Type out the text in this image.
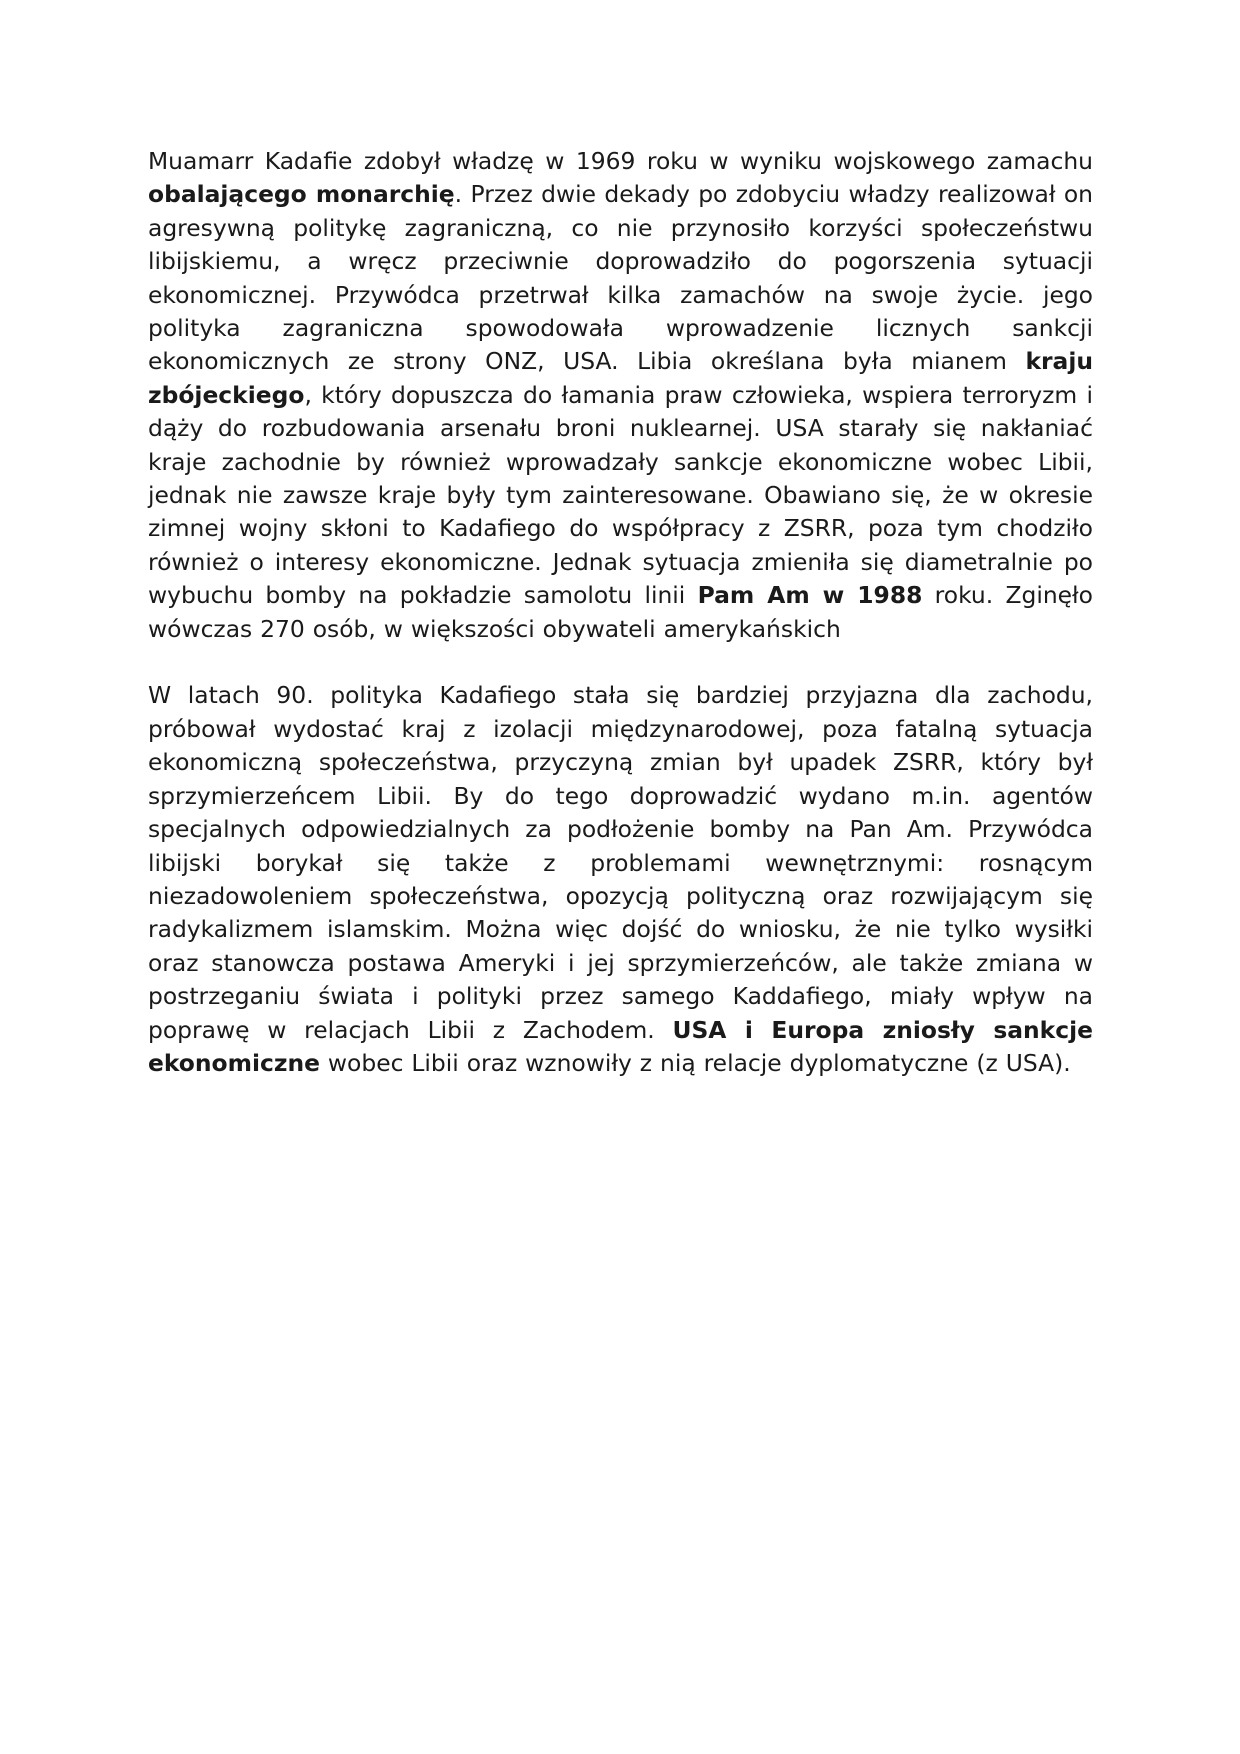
Muamarr Kadafie zdobył władzę w 1969 roku w wyniku wojskowego zamachu obalającego monarchię. Przez dwie dekady po zdobyciu władzy realizował on agresywną politykę zagraniczną, co nie przynosiło korzyści społeczeństwu libijskiemu, a wręcz przeciwnie doprowadziło do pogorszenia sytuacji ekonomicznej. Przywódca przetrwał kilka zamachów na swoje życie. jego polityka zagraniczna spowodowała wprowadzenie licznych sankcji ekonomicznych ze strony ONZ, USA. Libia określana była mianem kraju zbójeckiego, który dopuszcza do łamania praw człowieka, wspiera terroryzm i dąży do rozbudowania arsenału broni nuklearnej. USA starały się nakłaniać kraje zachodnie by również wprowadzały sankcje ekonomiczne wobec Libii, jednak nie zawsze kraje były tym zainteresowane. Obawiano się, że w okresie zimnej wojny skłoni to Kadafiego do współpracy z ZSRR, poza tym chodziło również o interesy ekonomiczne. Jednak sytuacja zmieniła się diametralnie po wybuchu bomby na pokładzie samolotu linii Pam Am w 1988 roku. Zginęło wówczas 270 osób, w większości obywateli amerykańskich

W latach 90. polityka Kadafiego stała się bardziej przyjazna dla zachodu, próbował wydostać kraj z izolacji międzynarodowej, poza fatalną sytuacja ekonomiczną społeczeństwa, przyczyną zmian był upadek ZSRR, który był sprzymierzeńcem Libii. By do tego doprowadzić wydano m.in. agentów specjalnych odpowiedzialnych za podłożenie bomby na Pan Am. Przywódca libijski borykał się także z problemami wewnętrznymi: rosnącym niezadowoleniem społeczeństwa, opozycją polityczną oraz rozwijającym się radykalizmem islamskim. Można więc dojść do wniosku, że nie tylko wysiłki oraz stanowcza postawa Ameryki i jej sprzymierzeńców, ale także zmiana w postrzeganiu świata i polityki przez samego Kaddafiego, miały wpływ na poprawę w relacjach Libii z Zachodem. USA i Europa zniosły sankcje ekonomiczne wobec Libii oraz wznowiły z nią relacje dyplomatyczne (z USA).
